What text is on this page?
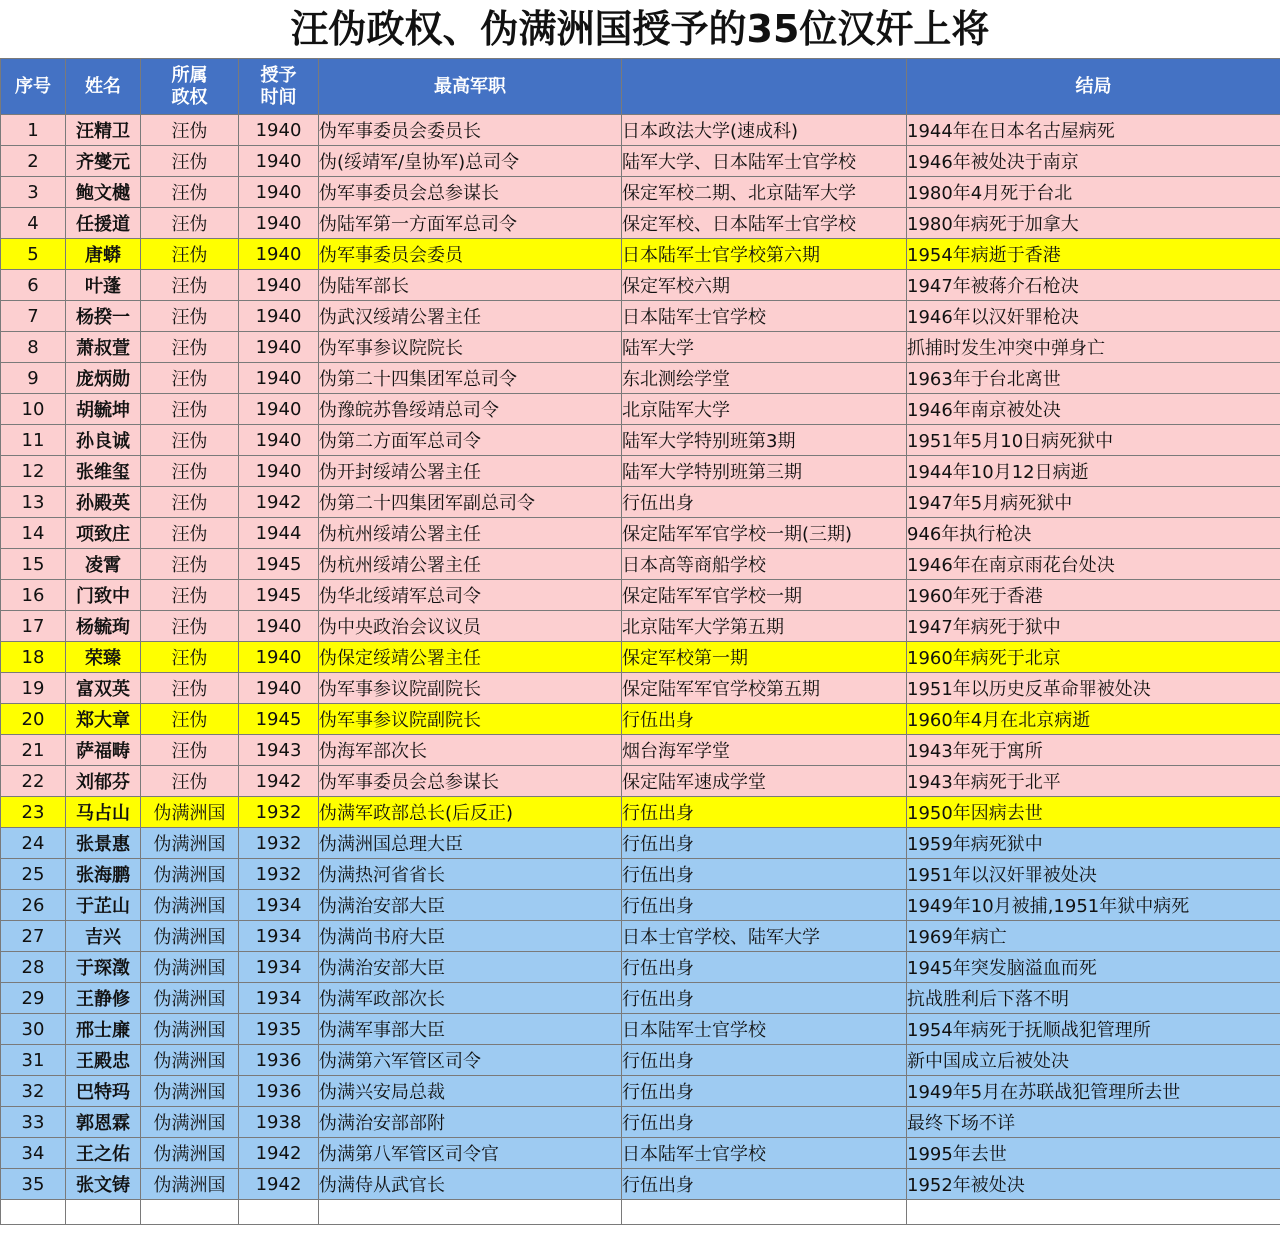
汪伪政权、伪满洲国授予的35位汉奸上将
序号	姓名	所属政权	授予时间	最高军职		结局
1	汪精卫	汪伪	1940	伪军事委员会委员长	日本政法大学(速成科)	1944年在日本名古屋病死
2	齐燮元	汪伪	1940	伪(绥靖军/皇协军)总司令	陆军大学、日本陆军士官学校	1946年被处决于南京
3	鲍文樾	汪伪	1940	伪军事委员会总参谋长	保定军校二期、北京陆军大学	1980年4月死于台北
4	任援道	汪伪	1940	伪陆军第一方面军总司令	保定军校、日本陆军士官学校	1980年病死于加拿大
5	唐蟒	汪伪	1940	伪军事委员会委员	日本陆军士官学校第六期	1954年病逝于香港
6	叶蓬	汪伪	1940	伪陆军部长	保定军校六期	1947年被蒋介石枪决
7	杨揆一	汪伪	1940	伪武汉绥靖公署主任	日本陆军士官学校	1946年以汉奸罪枪决
8	萧叔萱	汪伪	1940	伪军事参议院院长	陆军大学	抓捕时发生冲突中弹身亡
9	庞炳勋	汪伪	1940	伪第二十四集团军总司令	东北测绘学堂	1963年于台北离世
10	胡毓坤	汪伪	1940	伪豫皖苏鲁绥靖总司令	北京陆军大学	1946年南京被处决
11	孙良诚	汪伪	1940	伪第二方面军总司令	陆军大学特别班第3期	1951年5月10日病死狱中
12	张维玺	汪伪	1940	伪开封绥靖公署主任	陆军大学特别班第三期	1944年10月12日病逝
13	孙殿英	汪伪	1942	伪第二十四集团军副总司令	行伍出身	1947年5月病死狱中
14	项致庄	汪伪	1944	伪杭州绥靖公署主任	保定陆军军官学校一期(三期)	946年执行枪决
15	凌霄	汪伪	1945	伪杭州绥靖公署主任	日本高等商船学校	1946年在南京雨花台处决
16	门致中	汪伪	1945	伪华北绥靖军总司令	保定陆军军官学校一期	1960年死于香港
17	杨毓珣	汪伪	1940	伪中央政治会议议员	北京陆军大学第五期	1947年病死于狱中
18	荣臻	汪伪	1940	伪保定绥靖公署主任	保定军校第一期	1960年病死于北京
19	富双英	汪伪	1940	伪军事参议院副院长	保定陆军军官学校第五期	1951年以历史反革命罪被处决
20	郑大章	汪伪	1945	伪军事参议院副院长	行伍出身	1960年4月在北京病逝
21	萨福畴	汪伪	1943	伪海军部次长	烟台海军学堂	1943年死于寓所
22	刘郁芬	汪伪	1942	伪军事委员会总参谋长	保定陆军速成学堂	1943年病死于北平
23	马占山	伪满洲国	1932	伪满军政部总长(后反正)	行伍出身	1950年因病去世
24	张景惠	伪满洲国	1932	伪满洲国总理大臣	行伍出身	1959年病死狱中
25	张海鹏	伪满洲国	1932	伪满热河省省长	行伍出身	1951年以汉奸罪被处决
26	于芷山	伪满洲国	1934	伪满治安部大臣	行伍出身	1949年10月被捕,1951年狱中病死
27	吉兴	伪满洲国	1934	伪满尚书府大臣	日本士官学校、陆军大学	1969年病亡
28	于琛澂	伪满洲国	1934	伪满治安部大臣	行伍出身	1945年突发脑溢血而死
29	王静修	伪满洲国	1934	伪满军政部次长	行伍出身	抗战胜利后下落不明
30	邢士廉	伪满洲国	1935	伪满军事部大臣	日本陆军士官学校	1954年病死于抚顺战犯管理所
31	王殿忠	伪满洲国	1936	伪满第六军管区司令	行伍出身	新中国成立后被处决
32	巴特玛	伪满洲国	1936	伪满兴安局总裁	行伍出身	1949年5月在苏联战犯管理所去世
33	郭恩霖	伪满洲国	1938	伪满治安部部附	行伍出身	最终下场不详
34	王之佑	伪满洲国	1942	伪满第八军管区司令官	日本陆军士官学校	1995年去世
35	张文铸	伪满洲国	1942	伪满侍从武官长	行伍出身	1952年被处决
